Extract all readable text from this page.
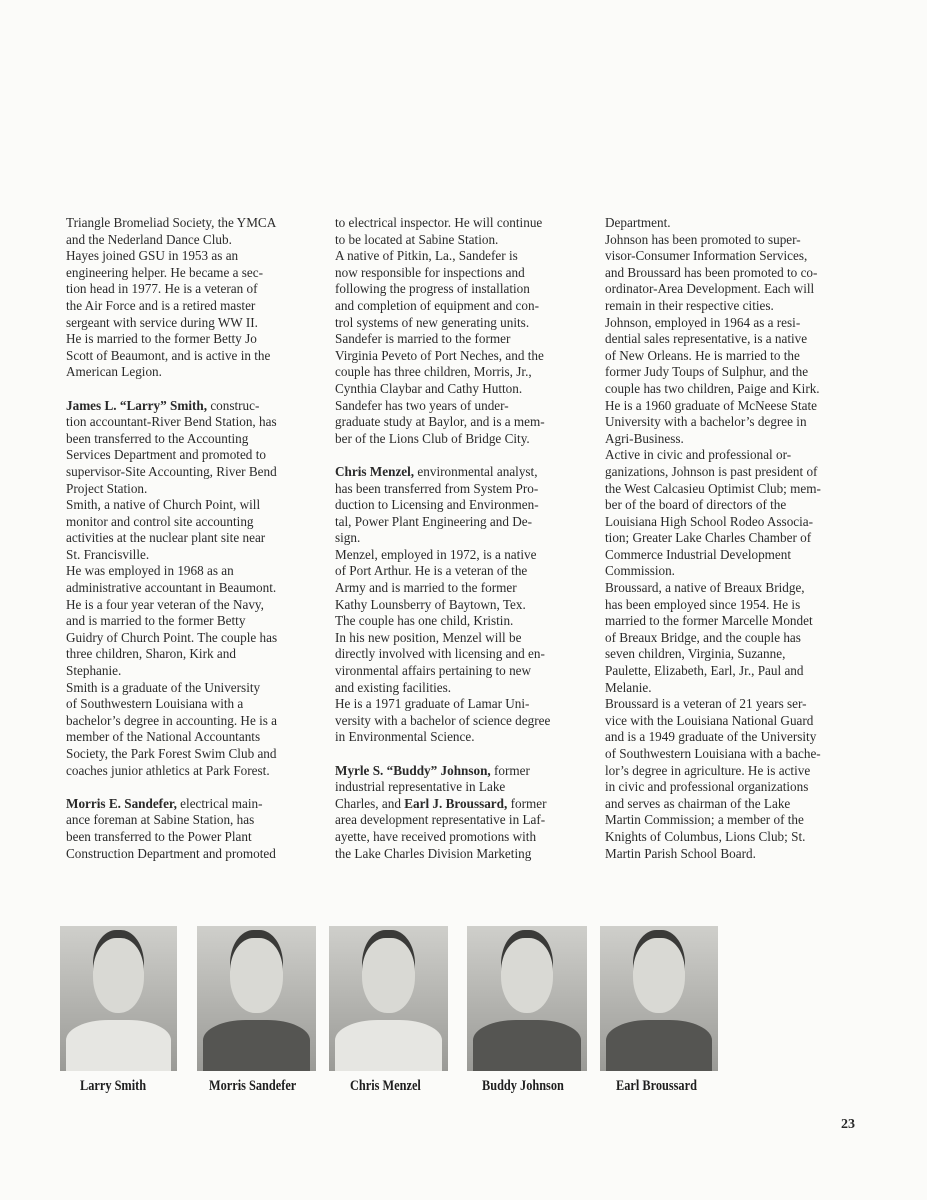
Triangle Bromeliad Society, the YMCA
and the Nederland Dance Club.

Hayes joined GSU in 1953 as an
engineering helper. He became a sec-
tion head in 1977. He is a veteran of
the Air Force and is a retired master
sergeant with service during WW II.
He is married to the former Betty Jo
Scott of Beaumont, and is active in the
American Legion.

James L. “Larry” Smith, construc-
tion accountant-River Bend Station, has
been transferred to the Accounting
Services Department and promoted to
supervisor-Site Accounting, River Bend
Project Station.

Smith, a native of Church Point, will
monitor and control site accounting
activities at the nuclear plant site near
St. Francisville.

He was employed in 1968 as an
administrative accountant in Beaumont.
He is a four year veteran of the Navy,
and is married to the former Betty
Guidry of Church Point. The couple has
three children, Sharon, Kirk and
Stephanie.

Smith is a graduate of the University
of Southwestern Louisiana with a
bachelor’s degree in accounting. He is a
member of the National Accountants
Society, the Park Forest Swim Club and
coaches junior athletics at Park Forest.

Morris E. Sandefer, electrical main-
ance foreman at Sabine Station, has
been transferred to the Power Plant
Construction Department and promoted

to electrical inspector. He will continue
to be located at Sabine Station.

A native of Pitkin, La., Sandefer is
now responsible for inspections and
following the progress of installation
and completion of equipment and con-
trol systems of new generating units.

Sandefer is married to the former
Virginia Peveto of Port Neches, and the
couple has three children, Morris, Jr.,
Cynthia Claybar and Cathy Hutton.

Sandefer has two years of under-
graduate study at Baylor, and is a mem-
ber of the Lions Club of Bridge City.

Chris Menzel, environmental analyst,
has been transferred from System Pro-
duction to Licensing and Environmen-
tal, Power Plant Engineering and De-
sign.

Menzel, employed in 1972, is a native
of Port Arthur. He is a veteran of the
Army and is married to the former
Kathy Lounsberry of Baytown, Tex.
The couple has one child, Kristin.

In his new position, Menzel will be
directly involved with licensing and en-
vironmental affairs pertaining to new
and existing facilities.

He is a 1971 graduate of Lamar Uni-
versity with a bachelor of science degree
in Environmental Science.

Myrle S. “Buddy” Johnson, former
industrial representative in Lake
Charles, and Earl J. Broussard, former
area development representative in Laf-
ayette, have received promotions with
the Lake Charles Division Marketing

Department.

Johnson has been promoted to super-
visor-Consumer Information Services,
and Broussard has been promoted to co-
ordinator-Area Development. Each will
remain in their respective cities.

Johnson, employed in 1964 as a resi-
dential sales representative, is a native
of New Orleans. He is married to the
former Judy Toups of Sulphur, and the
couple has two children, Paige and Kirk.
He is a 1960 graduate of McNeese State
University with a bachelor’s degree in
Agri-Business.

Active in civic and professional or-
ganizations, Johnson is past president of
the West Calcasieu Optimist Club; mem-
ber of the board of directors of the
Louisiana High School Rodeo Associa-
tion; Greater Lake Charles Chamber of
Commerce Industrial Development
Commission.

Broussard, a native of Breaux Bridge,
has been employed since 1954. He is
married to the former Marcelle Mondet
of Breaux Bridge, and the couple has
seven children, Virginia, Suzanne,
Paulette, Elizabeth, Earl, Jr., Paul and
Melanie.

Broussard is a veteran of 21 years ser-
vice with the Louisiana National Guard
and is a 1949 graduate of the University
of Southwestern Louisiana with a bache-
lor’s degree in agriculture. He is active
in civic and professional organizations
and serves as chairman of the Lake
Martin Commission; a member of the
Knights of Columbus, Lions Club; St.
Martin Parish School Board.

Larry Smith	Morris Sandefer	Chris Menzel	Buddy Johnson	Earl Broussard
23
